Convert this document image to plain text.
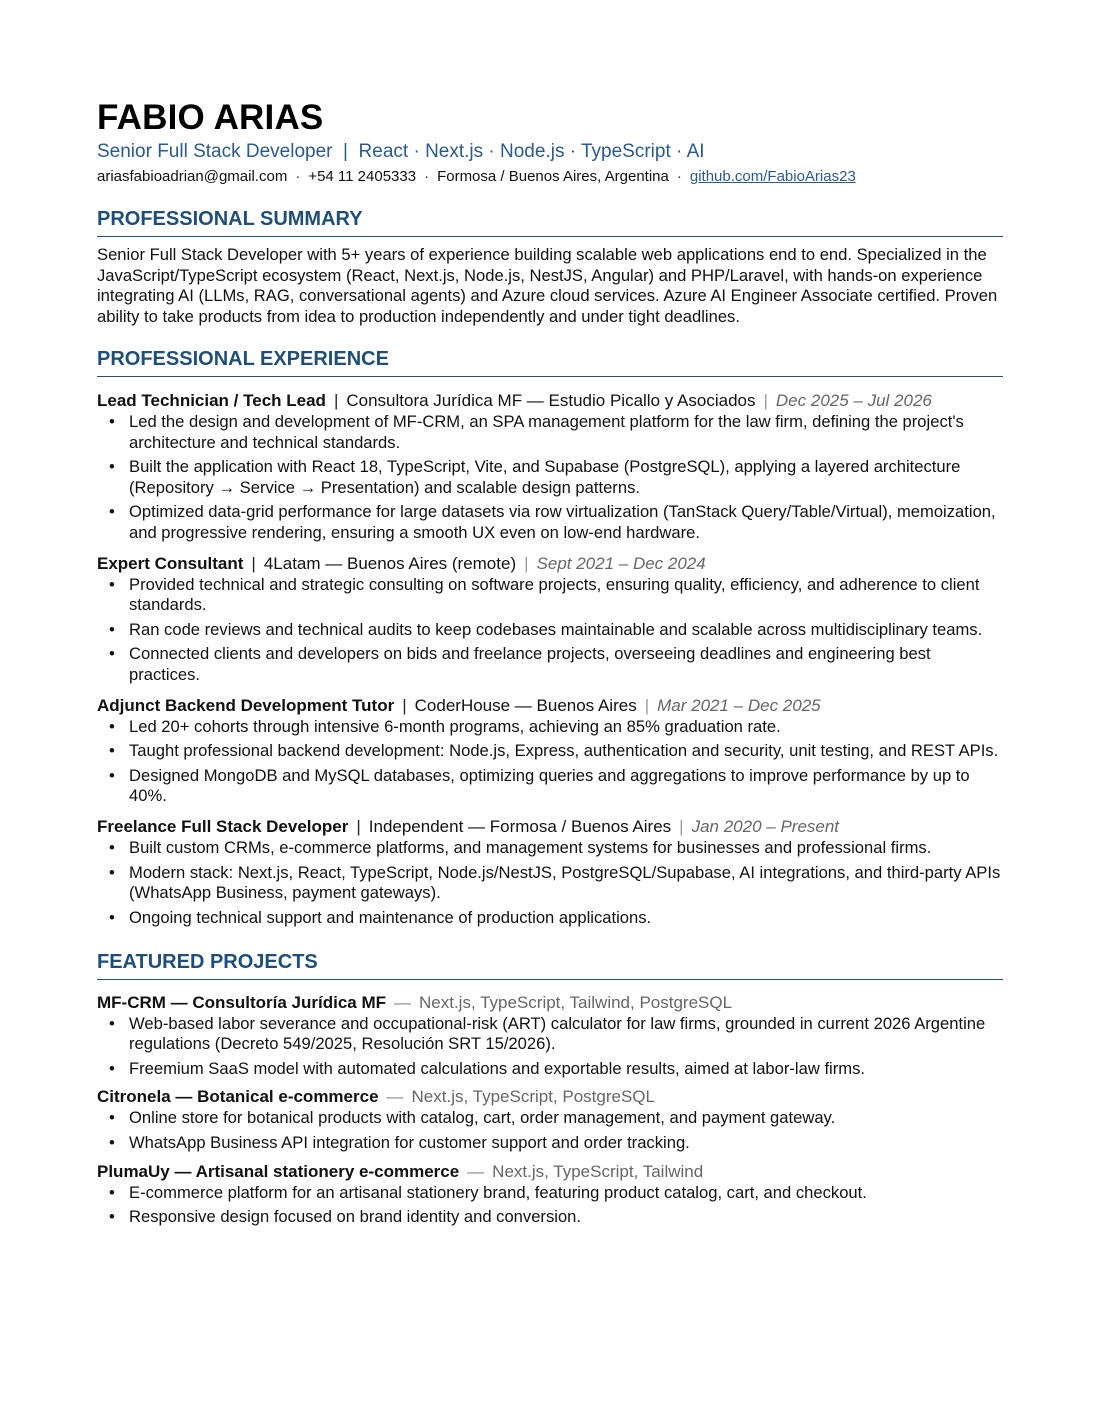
FABIO ARIAS
Senior Full Stack Developer  |  React · Next.js · Node.js · TypeScript · AI
ariasfabioadrian@gmail.com · +54 11 2405333 · Formosa / Buenos Aires, Argentina · github.com/FabioArias23
PROFESSIONAL SUMMARY

Senior Full Stack Developer with 5+ years of experience building scalable web applications end to end. Specialized in the JavaScript/TypeScript ecosystem (React, Next.js, Node.js, NestJS, Angular) and PHP/Laravel, with hands-on experience integrating AI (LLMs, RAG, conversational agents) and Azure cloud services. Azure AI Engineer Associate certified. Proven ability to take products from idea to production independently and under tight deadlines.

PROFESSIONAL EXPERIENCE
Lead Technician / Tech Lead | Consultora Jurídica MF — Estudio Picallo y Asociados | Dec 2025 – Jul 2026
• Led the design and development of MF-CRM, an SPA management platform for the law firm, defining the project's architecture and technical standards.
• Built the application with React 18, TypeScript, Vite, and Supabase (PostgreSQL), applying a layered architecture (Repository → Service → Presentation) and scalable design patterns.
• Optimized data-grid performance for large datasets via row virtualization (TanStack Query/Table/Virtual), memoization, and progressive rendering, ensuring a smooth UX even on low-end hardware.
Expert Consultant | 4Latam — Buenos Aires (remote) | Sept 2021 – Dec 2024
• Provided technical and strategic consulting on software projects, ensuring quality, efficiency, and adherence to client standards.
• Ran code reviews and technical audits to keep codebases maintainable and scalable across multidisciplinary teams.
• Connected clients and developers on bids and freelance projects, overseeing deadlines and engineering best practices.
Adjunct Backend Development Tutor | CoderHouse — Buenos Aires | Mar 2021 – Dec 2025
• Led 20+ cohorts through intensive 6-month programs, achieving an 85% graduation rate.
• Taught professional backend development: Node.js, Express, authentication and security, unit testing, and REST APIs.
• Designed MongoDB and MySQL databases, optimizing queries and aggregations to improve performance by up to 40%.
Freelance Full Stack Developer | Independent — Formosa / Buenos Aires | Jan 2020 – Present
• Built custom CRMs, e-commerce platforms, and management systems for businesses and professional firms.
• Modern stack: Next.js, React, TypeScript, Node.js/NestJS, PostgreSQL/Supabase, AI integrations, and third-party APIs (WhatsApp Business, payment gateways).
• Ongoing technical support and maintenance of production applications.
FEATURED PROJECTS
MF-CRM — Consultoría Jurídica MF — Next.js, TypeScript, Tailwind, PostgreSQL
• Web-based labor severance and occupational-risk (ART) calculator for law firms, grounded in current 2026 Argentine regulations (Decreto 549/2025, Resolución SRT 15/2026).
• Freemium SaaS model with automated calculations and exportable results, aimed at labor-law firms.
Citronela — Botanical e-commerce — Next.js, TypeScript, PostgreSQL
• Online store for botanical products with catalog, cart, order management, and payment gateway.
• WhatsApp Business API integration for customer support and order tracking.
PlumaUy — Artisanal stationery e-commerce — Next.js, TypeScript, Tailwind
• E-commerce platform for an artisanal stationery brand, featuring product catalog, cart, and checkout.
• Responsive design focused on brand identity and conversion.
